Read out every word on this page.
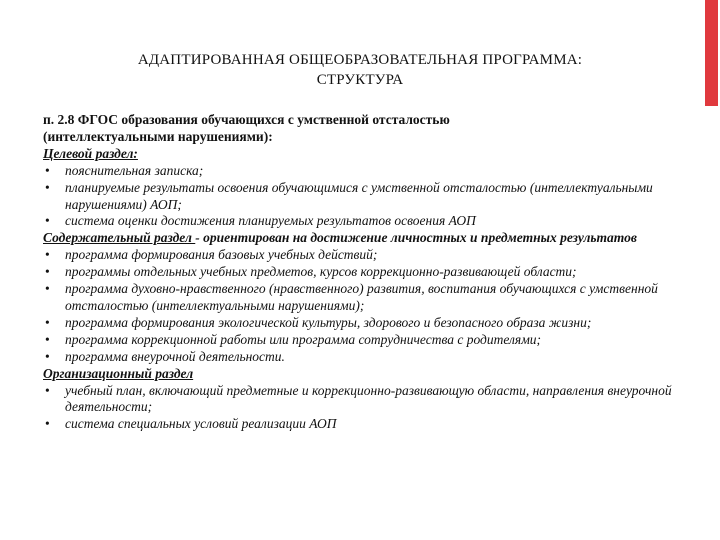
АДАПТИРОВАННАЯ ОБЩЕОБРАЗОВАТЕЛЬНАЯ ПРОГРАММА:
СТРУКТУРА
п. 2.8 ФГОС образования обучающихся с умственной отсталостью
(интеллектуальными нарушениями):
Целевой раздел:
• пояснительная записка;
• планируемые результаты освоения обучающимися с умственной отсталостью (интеллектуальными нарушениями) АОП;
• система оценки достижения планируемых результатов освоения АОП
Содержательный раздел - ориентирован на достижение личностных и предметных результатов
• программа формирования базовых учебных действий;
• программы отдельных учебных предметов, курсов коррекционно-развивающей области;
• программа духовно-нравственного (нравственного) развития, воспитания обучающихся с умственной отсталостью (интеллектуальными нарушениями);
• программа формирования экологической культуры, здорового и безопасного образа жизни;
• программа коррекционной работы или программа сотрудничества с родителями;
• программа внеурочной деятельности.
Организационный раздел
• учебный план, включающий предметные и коррекционно-развивающую области, направления внеурочной деятельности;
• система специальных условий реализации АОП
